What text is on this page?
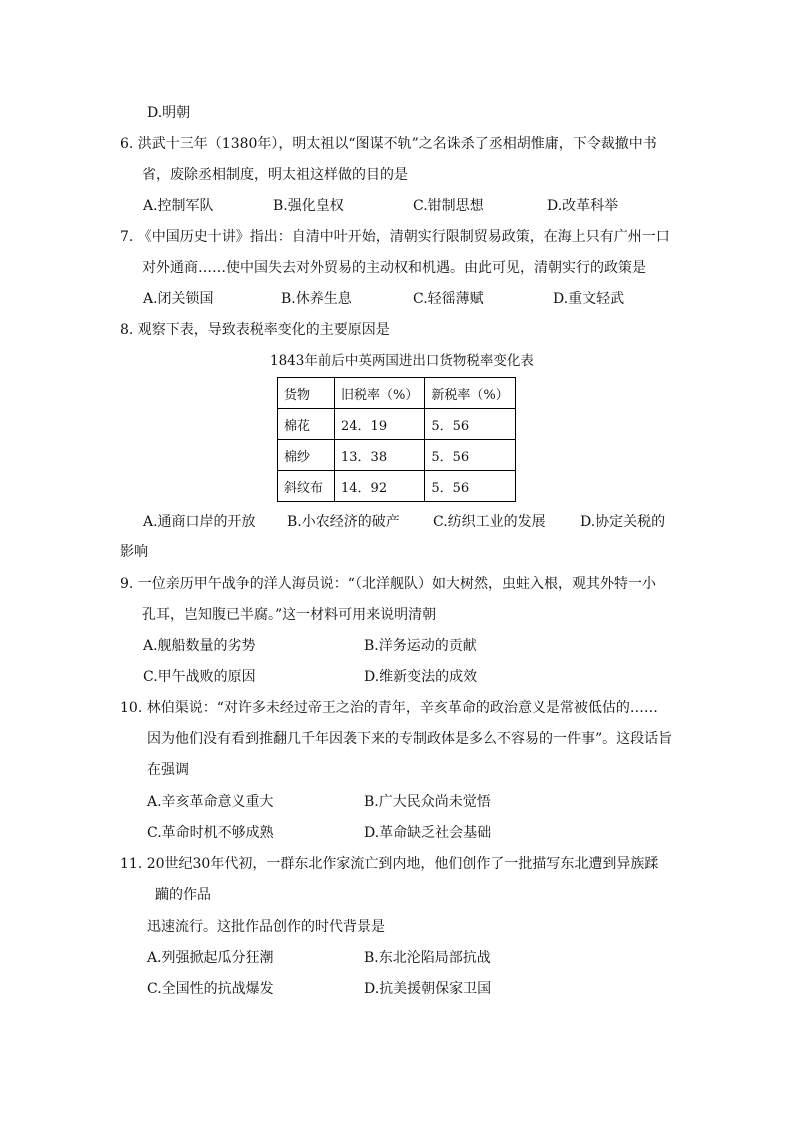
D.明朝
6. 洪武十三年（1380年），明太祖以“图谋不轨”之名诛杀了丞相胡惟庸，下令裁撤中书
省，废除丞相制度，明太祖这样做的目的是
A.控制军队	B.强化皇权	C.钳制思想	D.改革科举
7. 《中国历史十讲》指出：自清中叶开始，清朝实行限制贸易政策，在海上只有广州一口
对外通商……使中国失去对外贸易的主动权和机遇。由此可见，清朝实行的政策是
A.闭关锁国	B.休养生息	C.轻徭薄赋	D.重文轻武
8. 观察下表，导致表税率变化的主要原因是
1843年前后中英两国进出口货物税率变化表
货物	旧税率（%）	新税率（%）
棉花	24．19	5．56
棉纱	13．38	5．56
斜纹布	14．92	5．56
A.通商口岸的开放 B.小农经济的破产 C.纺织工业的发展 D.协定关税的
影响
9. 一位亲历甲午战争的洋人海员说：“（北洋舰队）如大树然，虫蛀入根，观其外特一小
孔耳，岂知腹已半腐。”这一材料可用来说明清朝
A.舰船数量的劣势	B.洋务运动的贡献
C.甲午战败的原因	D.维新变法的成效
10. 林伯渠说：“对许多未经过帝王之治的青年，辛亥革命的政治意义是常被低估的……
因为他们没有看到推翻几千年因袭下来的专制政体是多么不容易的一件事”。这段话旨
在强调
A.辛亥革命意义重大	B.广大民众尚未觉悟
C.革命时机不够成熟	D.革命缺乏社会基础
11. 20世纪30年代初，一群东北作家流亡到内地，他们创作了一批描写东北遭到异族蹂
躏的作品
迅速流行。这批作品创作的时代背景是
A.列强掀起瓜分狂潮	B.东北沦陷局部抗战
C.全国性的抗战爆发	D.抗美援朝保家卫国
